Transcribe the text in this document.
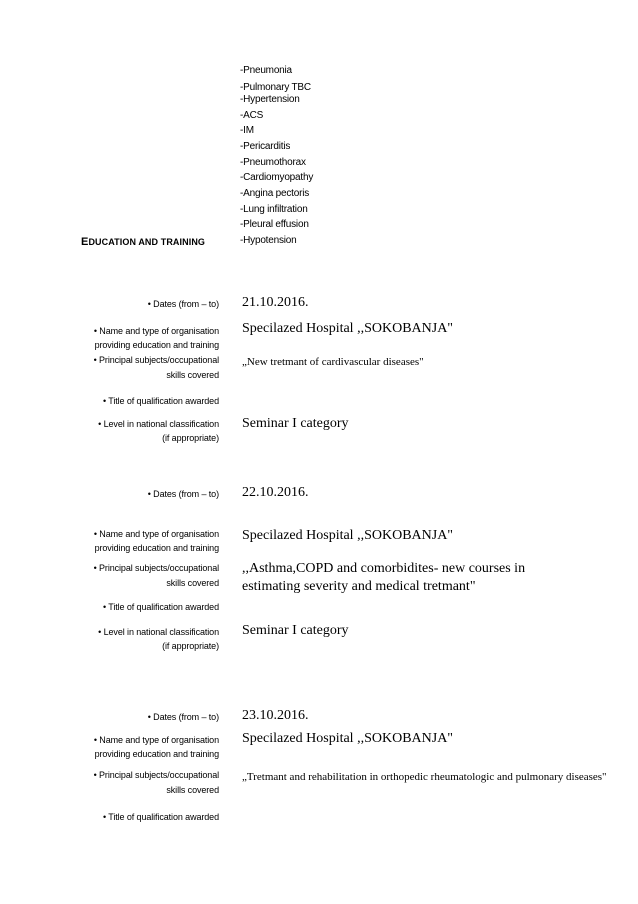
-Pneumonia
-Pulmonary TBC
-Hypertension
-ACS
-IM
-Pericarditis
-Pneumothorax
-Cardiomyopathy
-Angina pectoris
-Lung infiltration
-Pleural effusion
-Hypotension
EDUCATION AND TRAINING
• Dates (from – to) 21.10.2016.
• Name and type of organisation
providing education and training
Specilazed Hospital ,,SOKOBANJA"
• Principal subjects/occupational
skills covered
„New tretmant of cardivascular diseases"
• Title of qualification awarded
• Level in national classification
(if appropriate)
Seminar I category
• Dates (from – to) 22.10.2016.
• Name and type of organisation
providing education and training
Specilazed Hospital ,,SOKOBANJA"
• Principal subjects/occupational
skills covered
,,Asthma,COPD and comorbidites- new courses in estimating severity and medical tretmant"
• Title of qualification awarded
• Level in national classification
(if appropriate)
Seminar I category
• Dates (from – to) 23.10.2016.
• Name and type of organisation
providing education and training
Specilazed Hospital ,,SOKOBANJA"
• Principal subjects/occupational
skills covered
„Tretmant and rehabilitation in orthopedic rheumatologic and pulmonary diseases"
• Title of qualification awarded
